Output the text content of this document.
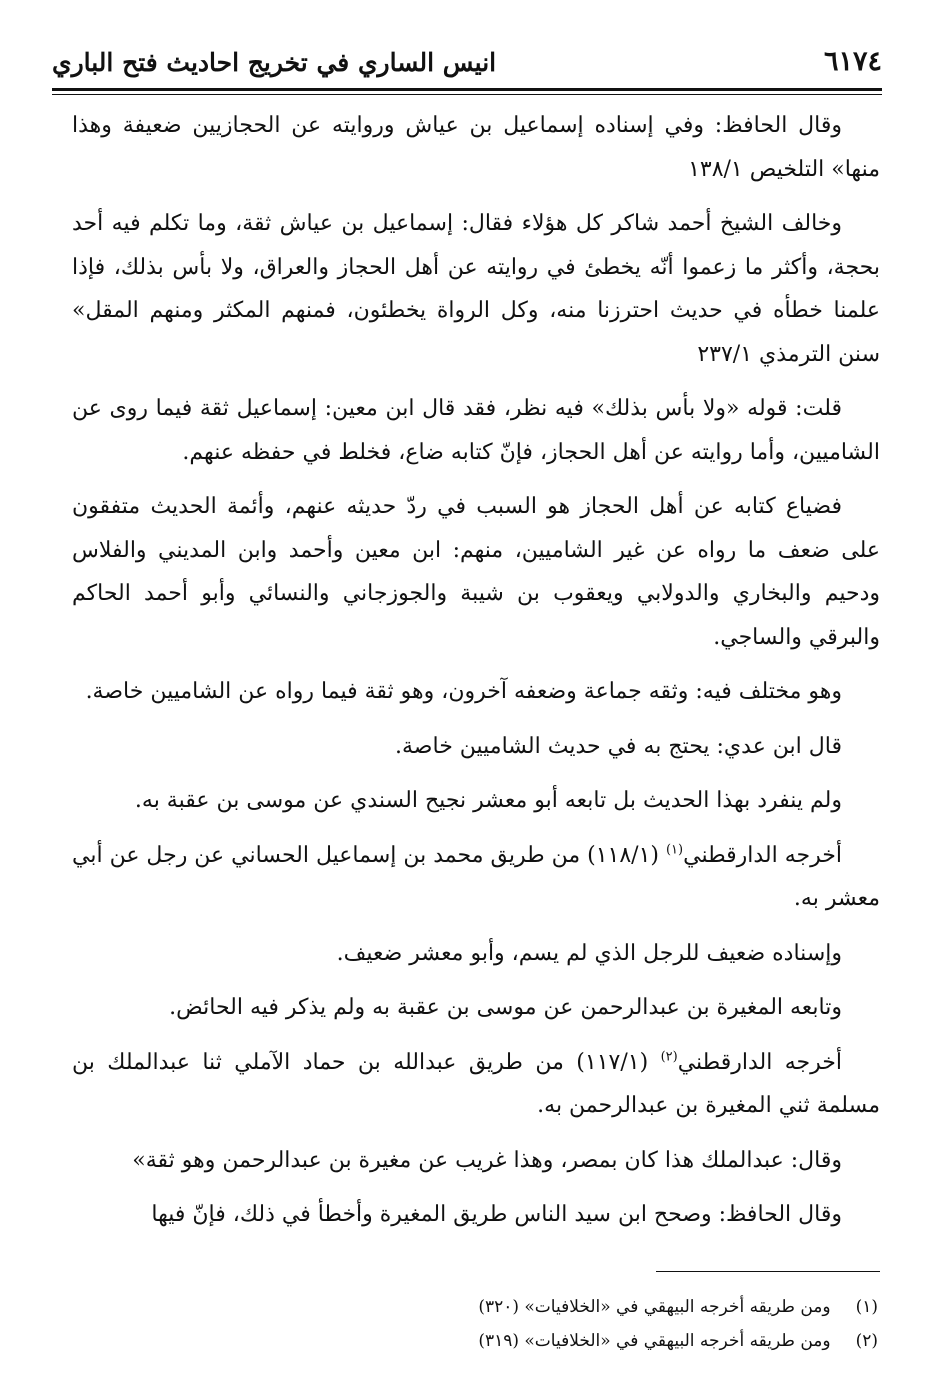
انيس الساري في تخريج احاديث فتح الباري	٦١٧٤

وقال الحافظ: وفي إسناده إسماعيل بن عياش وروايته عن الحجازيين ضعيفة وهذا منها» التلخيص ١٣٨/١

وخالف الشيخ أحمد شاكر كل هؤلاء فقال: إسماعيل بن عياش ثقة، وما تكلم فيه أحد بحجة، وأكثر ما زعموا أنّه يخطئ في روايته عن أهل الحجاز والعراق، ولا بأس بذلك، فإذا علمنا خطأه في حديث احترزنا منه، وكل الرواة يخطئون، فمنهم المكثر ومنهم المقل» سنن الترمذي ٢٣٧/١

قلت: قوله «ولا بأس بذلك» فيه نظر، فقد قال ابن معين: إسماعيل ثقة فيما روى عن الشاميين، وأما روايته عن أهل الحجاز، فإنّ كتابه ضاع، فخلط في حفظه عنهم.

فضياع كتابه عن أهل الحجاز هو السبب في ردّ حديثه عنهم، وأئمة الحديث متفقون على ضعف ما رواه عن غير الشاميين، منهم: ابن معين وأحمد وابن المديني والفلاس ودحيم والبخاري والدولابي ويعقوب بن شيبة والجوزجاني والنسائي وأبو أحمد الحاكم والبرقي والساجي.

وهو مختلف فيه: وثقه جماعة وضعفه آخرون، وهو ثقة فيما رواه عن الشاميين خاصة.

قال ابن عدي: يحتج به في حديث الشاميين خاصة.

ولم ينفرد بهذا الحديث بل تابعه أبو معشر نجيح السندي عن موسى بن عقبة به.

أخرجه الدارقطني$^{(١)}$ (١١٨/١) من طريق محمد بن إسماعيل الحساني عن رجل عن أبي معشر به.

وإسناده ضعيف للرجل الذي لم يسم، وأبو معشر ضعيف.

وتابعه المغيرة بن عبدالرحمن عن موسى بن عقبة به ولم يذكر فيه الحائض.

أخرجه الدارقطني$^{(٢)}$ (١١٧/١) من طريق عبدالله بن حماد الآملي ثنا عبدالملك بن مسلمة ثني المغيرة بن عبدالرحمن به.

وقال: عبدالملك هذا كان بمصر، وهذا غريب عن مغيرة بن عبدالرحمن وهو ثقة»

وقال الحافظ: وصحح ابن سيد الناس طريق المغيرة وأخطأ في ذلك، فإنّ فيها

(١) ومن طريقه أخرجه البيهقي في «الخلافيات» (٣٢٠)
(٢) ومن طريقه أخرجه البيهقي في «الخلافيات» (٣١٩)
